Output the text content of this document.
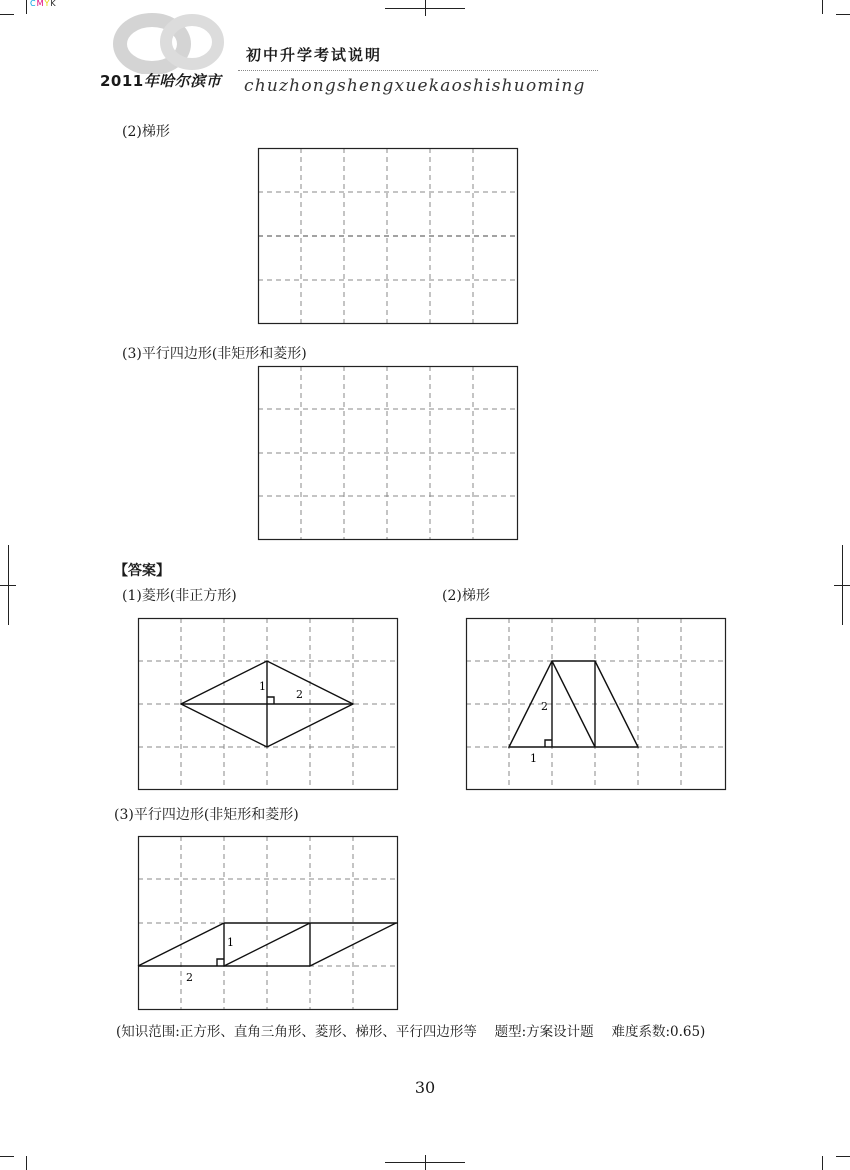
CMYK
初中升学考试说明
2011年哈尔滨市 chuzhongshengxuekaoshishuoming
(2)梯形
(3)平行四边形(非矩形和菱形)
【答案】
(1)菱形(非正方形)	(2)梯形
1
2
2
1
(3)平行四边形(非矩形和菱形)
1
2
(知识范围:正方形、直角三角形、菱形、梯形、平行四边形等　 题型:方案设计题　 难度系数:0.65)
30
